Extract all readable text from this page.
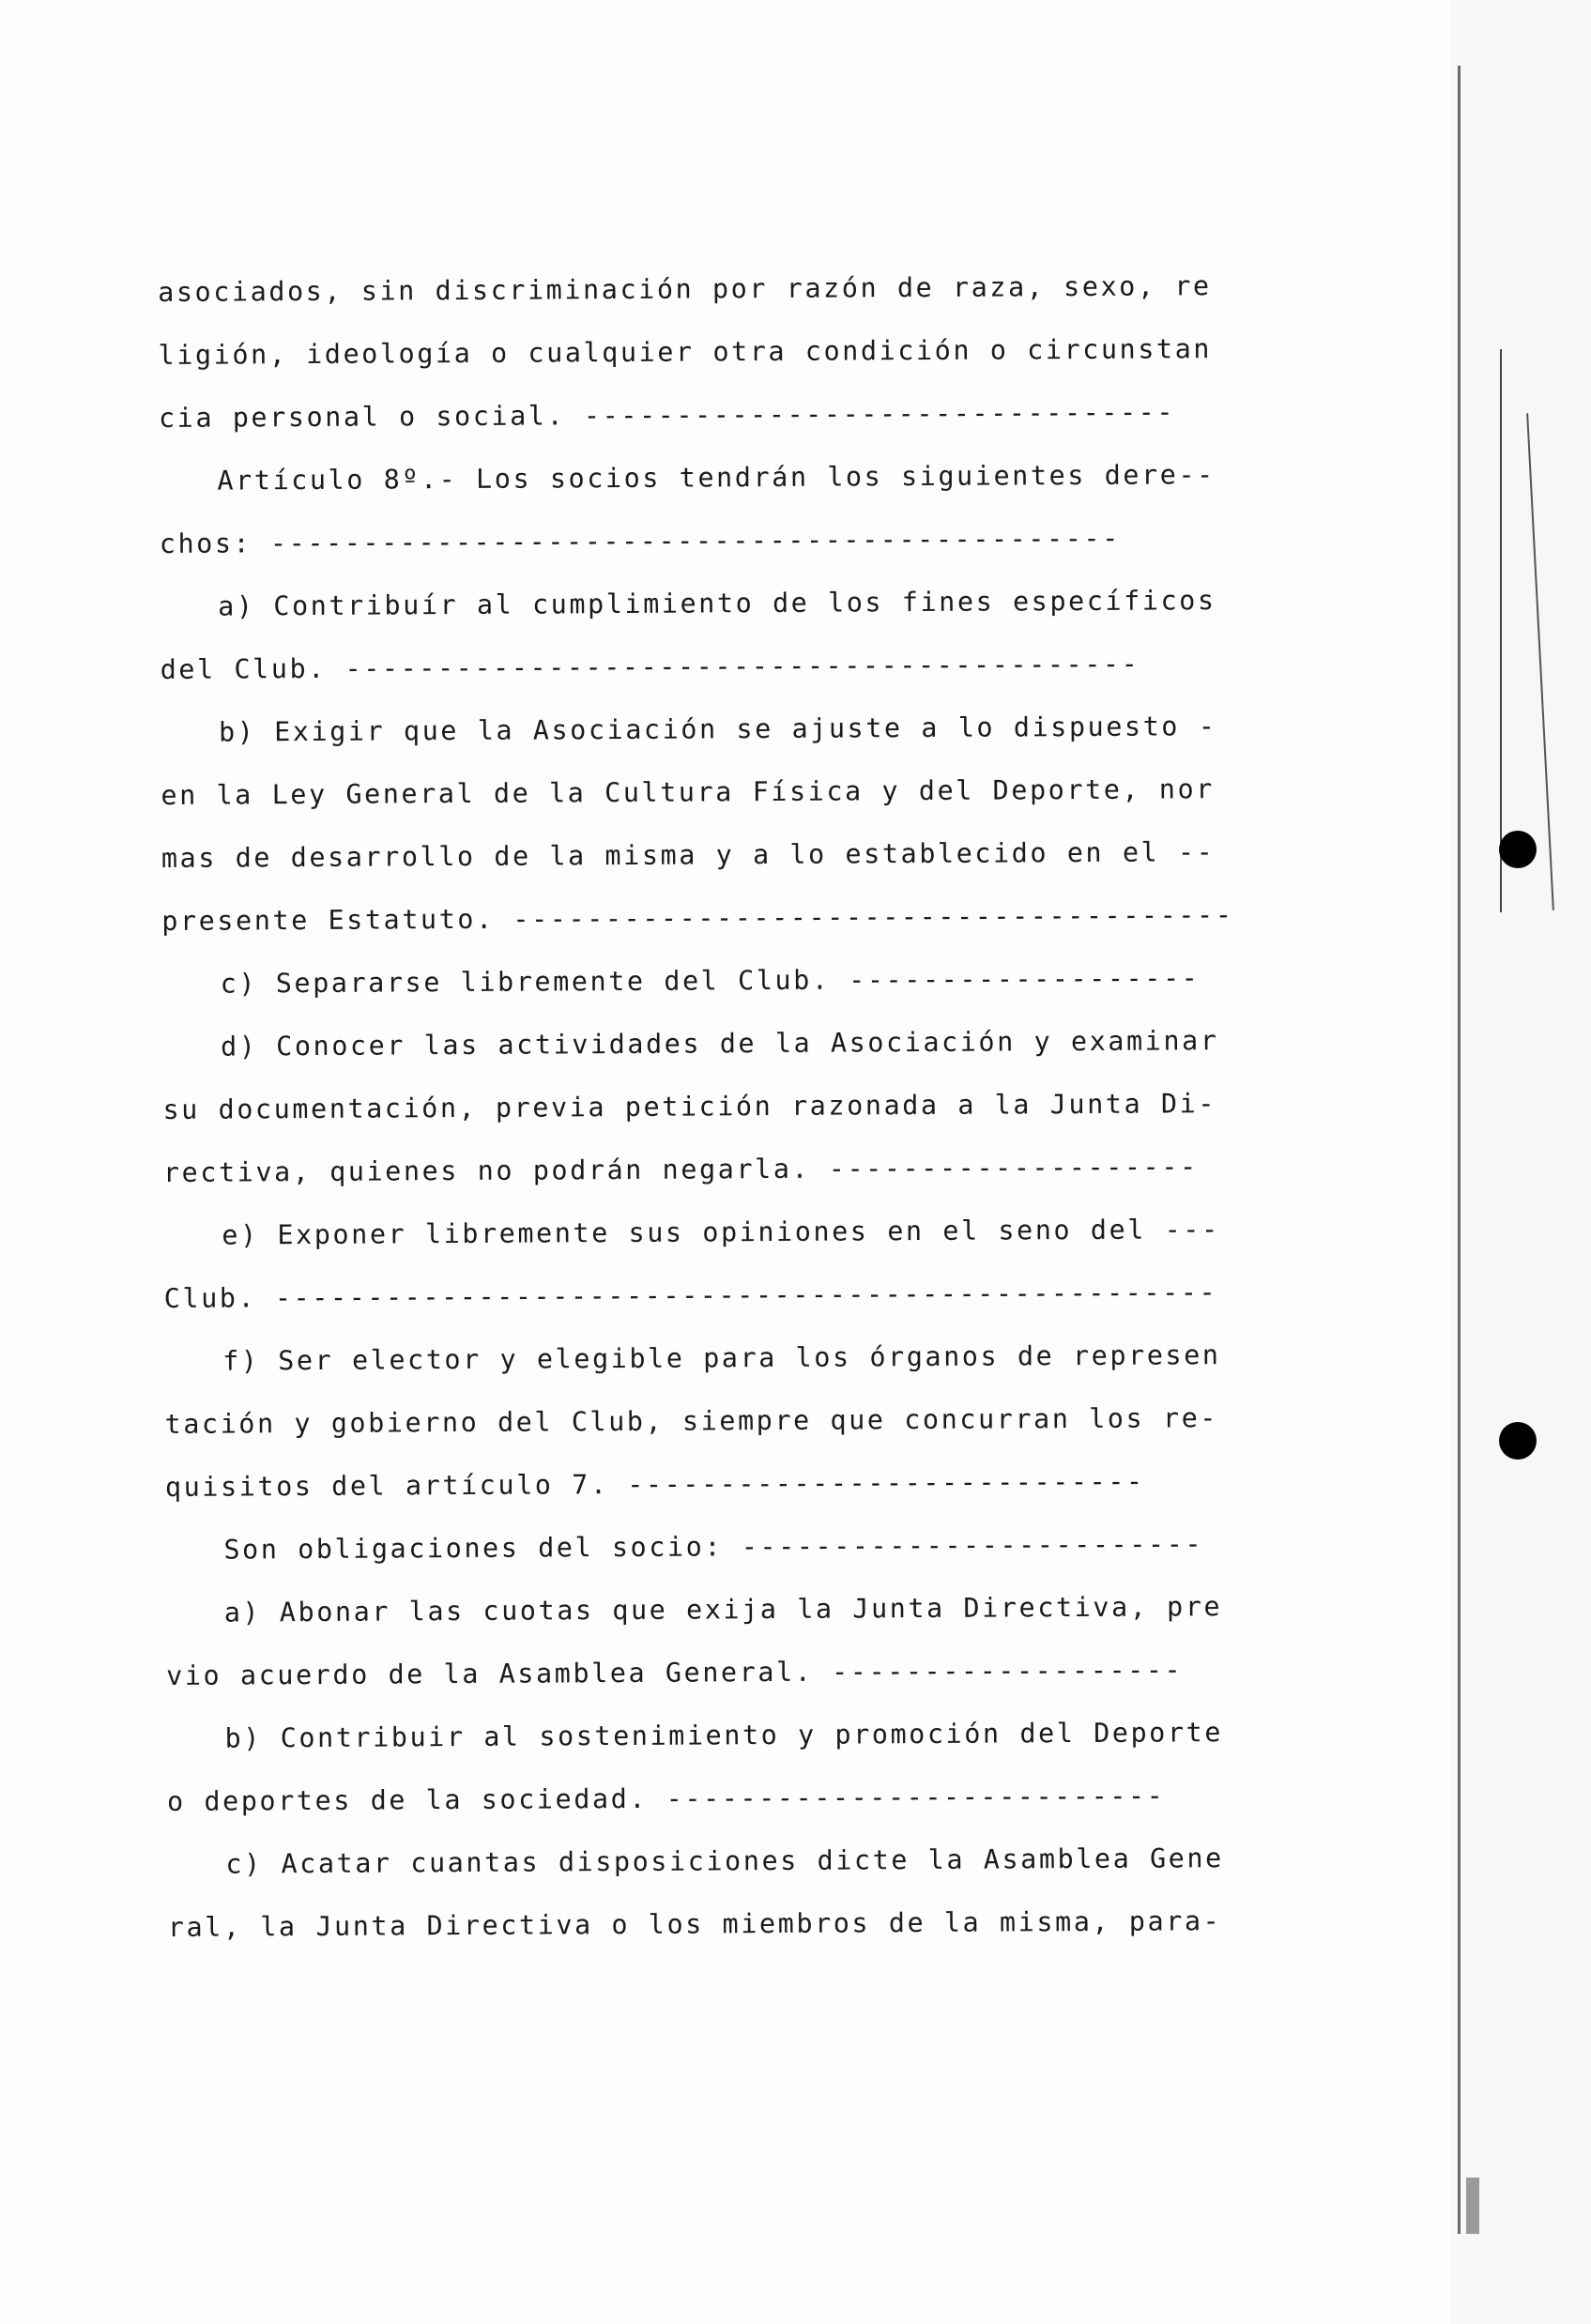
asociados, sin discriminación por razón de raza, sexo, re
ligión, ideología o cualquier otra condición o circunstan
cia personal o social. --------------------------------
Artículo 8º.- Los socios tendrán los siguientes dere--
chos: ----------------------------------------------
a) Contribuír al cumplimiento de los fines específicos
del Club. -------------------------------------------
b) Exigir que la Asociación se ajuste a lo dispuesto -
en la Ley General de la Cultura Física y del Deporte, nor
mas de desarrollo de la misma y a lo establecido en el --
presente Estatuto. ---------------------------------------
c) Separarse libremente del Club. -------------------
d) Conocer las actividades de la Asociación y examinar
su documentación, previa petición razonada a la Junta Di-
rectiva, quienes no podrán negarla. --------------------
e) Exponer libremente sus opiniones en el seno del ---
Club. ---------------------------------------------------
f) Ser elector y elegible para los órganos de represen
tación y gobierno del Club, siempre que concurran los re-
quisitos del artículo 7. ----------------------------
Son obligaciones del socio: -------------------------
a) Abonar las cuotas que exija la Junta Directiva, pre
vio acuerdo de la Asamblea General. -------------------
b) Contribuir al sostenimiento y promoción del Deporte
o deportes de la sociedad. ---------------------------
c) Acatar cuantas disposiciones dicte la Asamblea Gene
ral, la Junta Directiva o los miembros de la misma, para-
